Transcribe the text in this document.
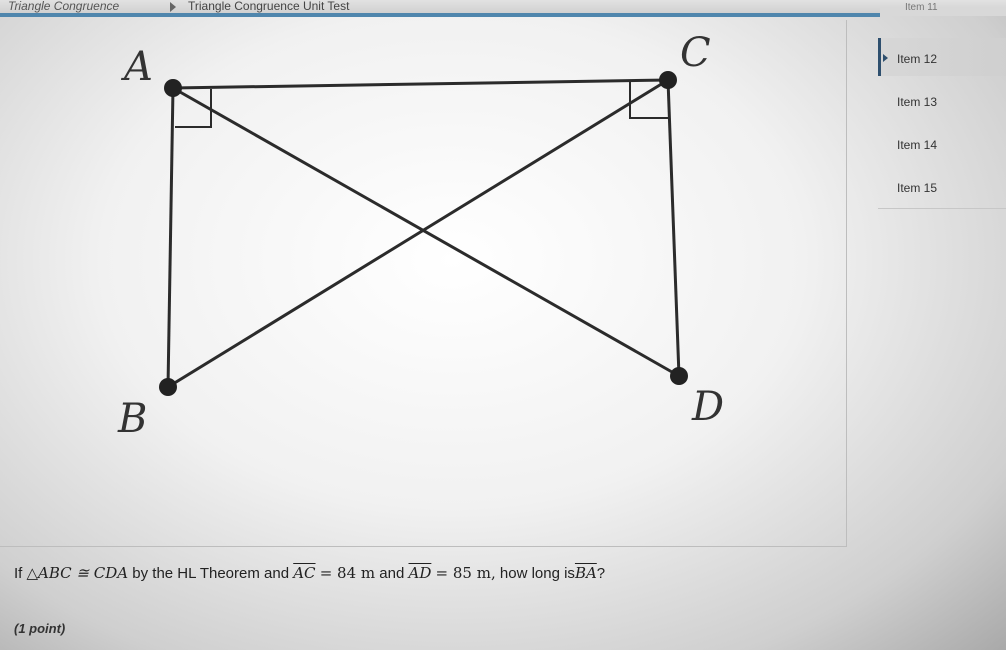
Triangle Congruence	Triangle Congruence Unit Test	Item 11
A	C
B	D
Item 12
Item 13
Item 14
Item 15
If △ABC ≅ CDA by the HL Theorem and $\overline{AC} = 84$ m and $\overline{AD} = 85$ m, how long $is\overline{BA}$?
(1 point)
